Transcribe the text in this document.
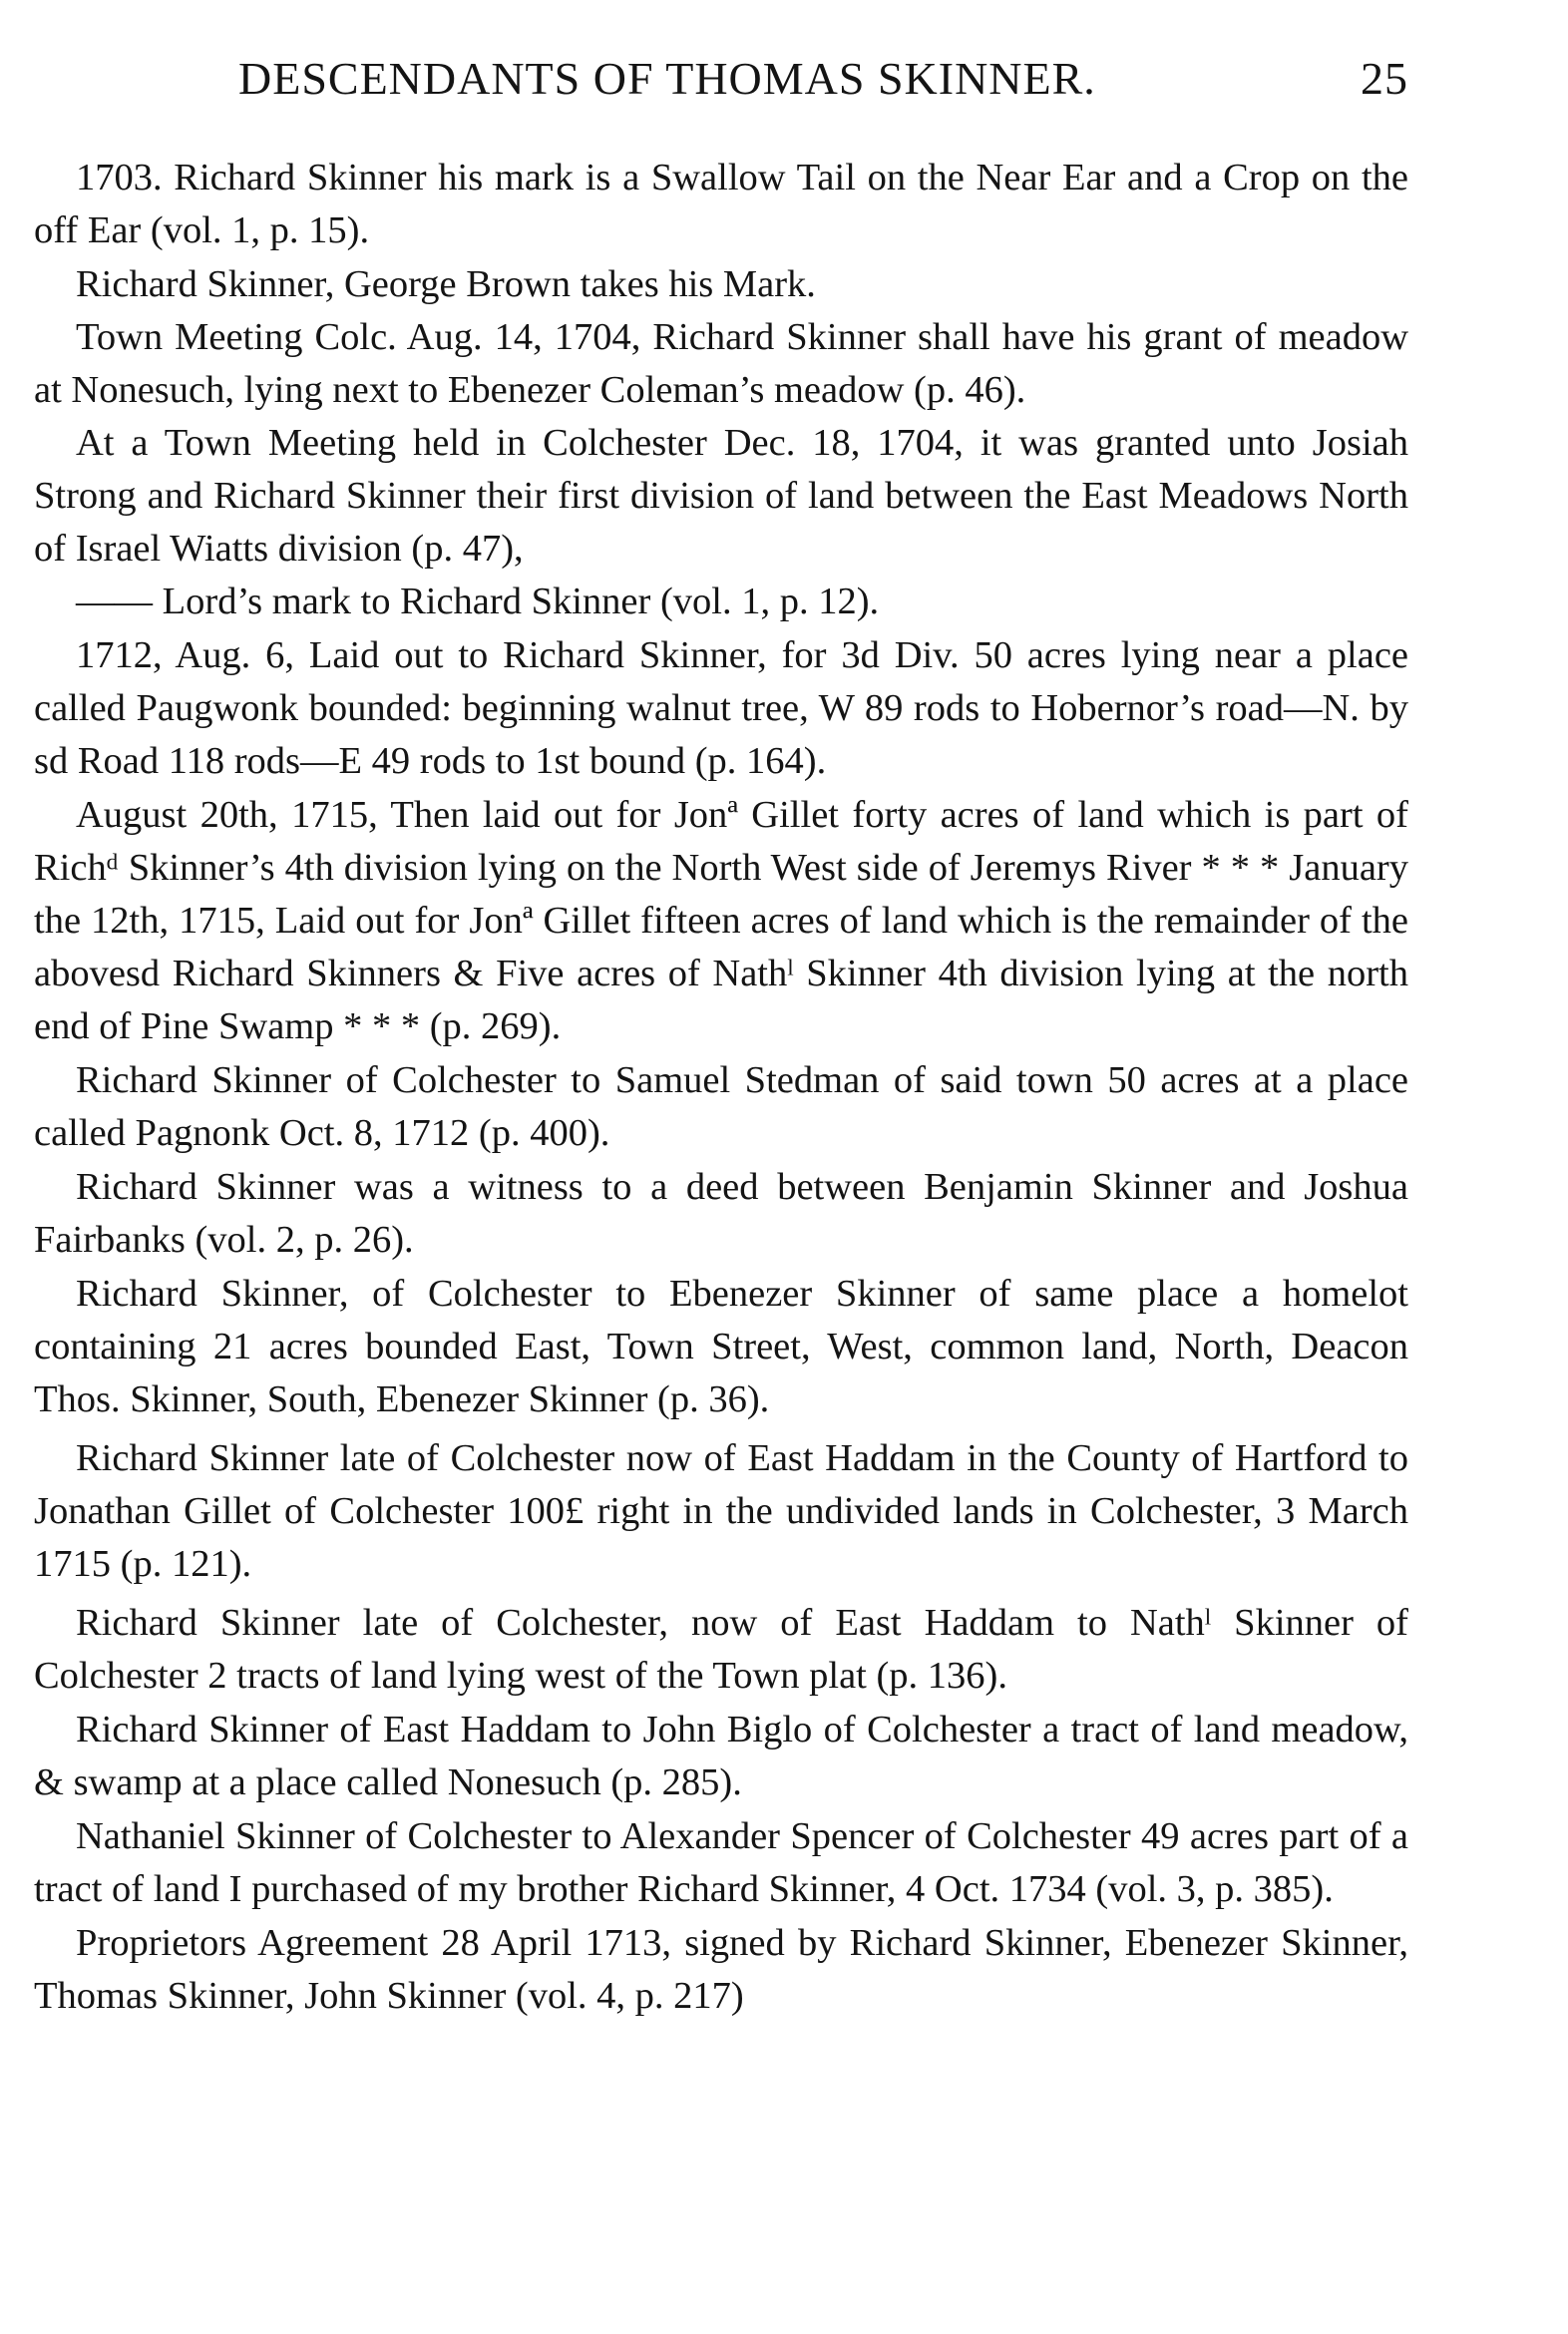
DESCENDANTS OF THOMAS SKINNER.	25

1703. Richard Skinner his mark is a Swallow Tail on the Near Ear and a Crop on the off Ear (vol. 1, p. 15).

Richard Skinner, George Brown takes his Mark.

Town Meeting Colc. Aug. 14, 1704, Richard Skinner shall have his grant of meadow at Nonesuch, lying next to Ebenezer Coleman’s meadow (p. 46).

At a Town Meeting held in Colchester Dec. 18, 1704, it was granted unto Josiah Strong and Richard Skinner their first division of land between the East Meadows North of Israel Wiatts division (p. 47),

—— Lord’s mark to Richard Skinner (vol. 1, p. 12).

1712, Aug. 6, Laid out to Richard Skinner, for 3d Div. 50 acres lying near a place called Paugwonk bounded: beginning walnut tree, W 89 rods to Hobernor’s road—N. by sd Road 118 rods—E 49 rods to 1st bound (p. 164).

August 20th, 1715, Then laid out for Jonª Gillet forty acres of land which is part of Richᵈ Skinner’s 4th division lying on the North West side of Jeremys River * * * January the 12th, 1715, Laid out for Jonª Gillet fifteen acres of land which is the remainder of the abovesd Richard Skinners & Five acres of Nathˡ Skinner 4th division lying at the north end of Pine Swamp * * * (p. 269).

Richard Skinner of Colchester to Samuel Stedman of said town 50 acres at a place called Pagnonk Oct. 8, 1712 (p. 400).

Richard Skinner was a witness to a deed between Benjamin Skinner and Joshua Fairbanks (vol. 2, p. 26).

Richard Skinner, of Colchester to Ebenezer Skinner of same place a homelot containing 21 acres bounded East, Town Street, West, common land, North, Deacon Thos. Skinner, South, Ebenezer Skinner (p. 36).

Richard Skinner late of Colchester now of East Haddam in the County of Hartford to Jonathan Gillet of Colchester 100£ right in the undivided lands in Colchester, 3 March 1715 (p. 121).

Richard Skinner late of Colchester, now of East Haddam to Nathˡ Skinner of Colchester 2 tracts of land lying west of the Town plat (p. 136).

Richard Skinner of East Haddam to John Biglo of Colchester a tract of land meadow, & swamp at a place called Nonesuch (p. 285).

Nathaniel Skinner of Colchester to Alexander Spencer of Colchester 49 acres part of a tract of land I purchased of my brother Richard Skinner, 4 Oct. 1734 (vol. 3, p. 385).

Proprietors Agreement 28 April 1713, signed by Richard Skinner, Ebenezer Skinner, Thomas Skinner, John Skinner (vol. 4, p. 217)
